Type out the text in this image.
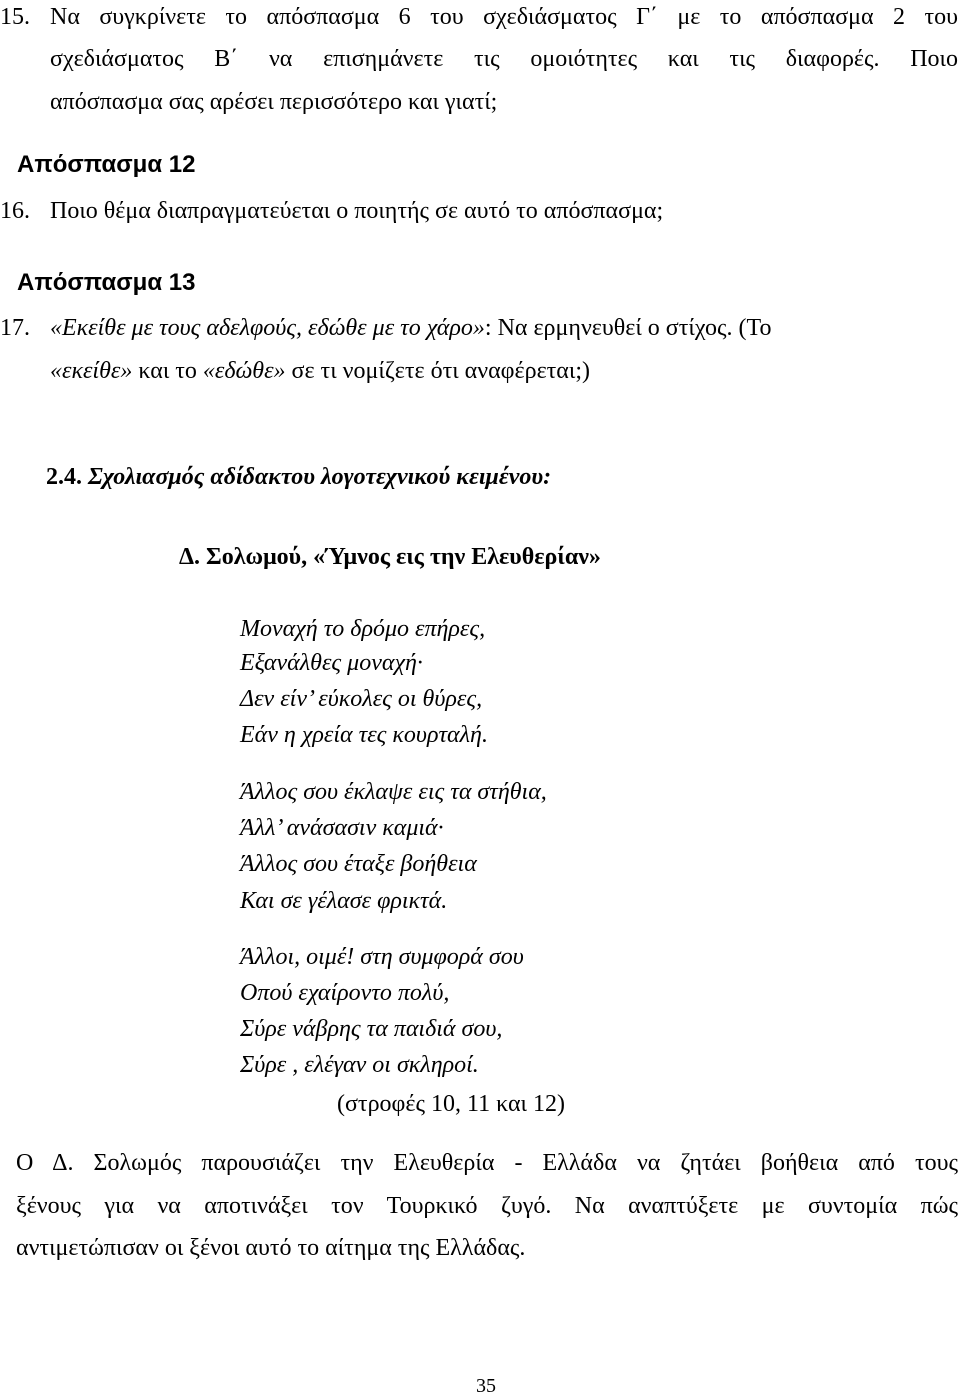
15. Να συγκρίνετε το απόσπασμα 6 του σχεδιάσματος Γ΄ με το απόσπασμα 2 του
σχεδιάσματος Β΄ να επισημάνετε τις ομοιότητες και τις διαφορές. Ποιο
απόσπασμα σας αρέσει περισσότερο και γιατί;
Απόσπασμα 12
16. Ποιο θέμα διαπραγματεύεται ο ποιητής σε αυτό το απόσπασμα;
Απόσπασμα 13
17. «Εκείθε με τους αδελφούς, εδώθε με το χάρο»: Να ερμηνευθεί ο στίχος. (Το
«εκείθε» και το «εδώθε» σε τι νομίζετε ότι αναφέρεται;)
2.4. Σχολιασμός αδίδακτου λογοτεχνικού κειμένου:
Δ. Σολωμού, «Ύμνος εις την Ελευθερίαν»
Μοναχή το δρόμο επήρες,
Εξανάλθες μοναχή·
Δεν είν’ εύκολες οι θύρες,
Εάν η χρεία τες κουρταλή.
Άλλος σου έκλαψε εις τα στήθια,
Άλλ’ ανάσασιν καμιά·
Άλλος σου έταξε βοήθεια
Και σε γέλασε φρικτά.
Άλλοι, οιμέ! στη συμφορά σου
Οπού εχαίροντο πολύ,
Σύρε νάβρης τα παιδιά σου,
Σύρε , ελέγαν οι σκληροί.
(στροφές 10, 11 και 12)
Ο Δ. Σολωμός παρουσιάζει την Ελευθερία - Ελλάδα να ζητάει βοήθεια από τους
ξένους για να αποτινάξει τον Τουρκικό ζυγό. Να αναπτύξετε με συντομία πώς
αντιμετώπισαν οι ξένοι αυτό το αίτημα της Ελλάδας.
35
